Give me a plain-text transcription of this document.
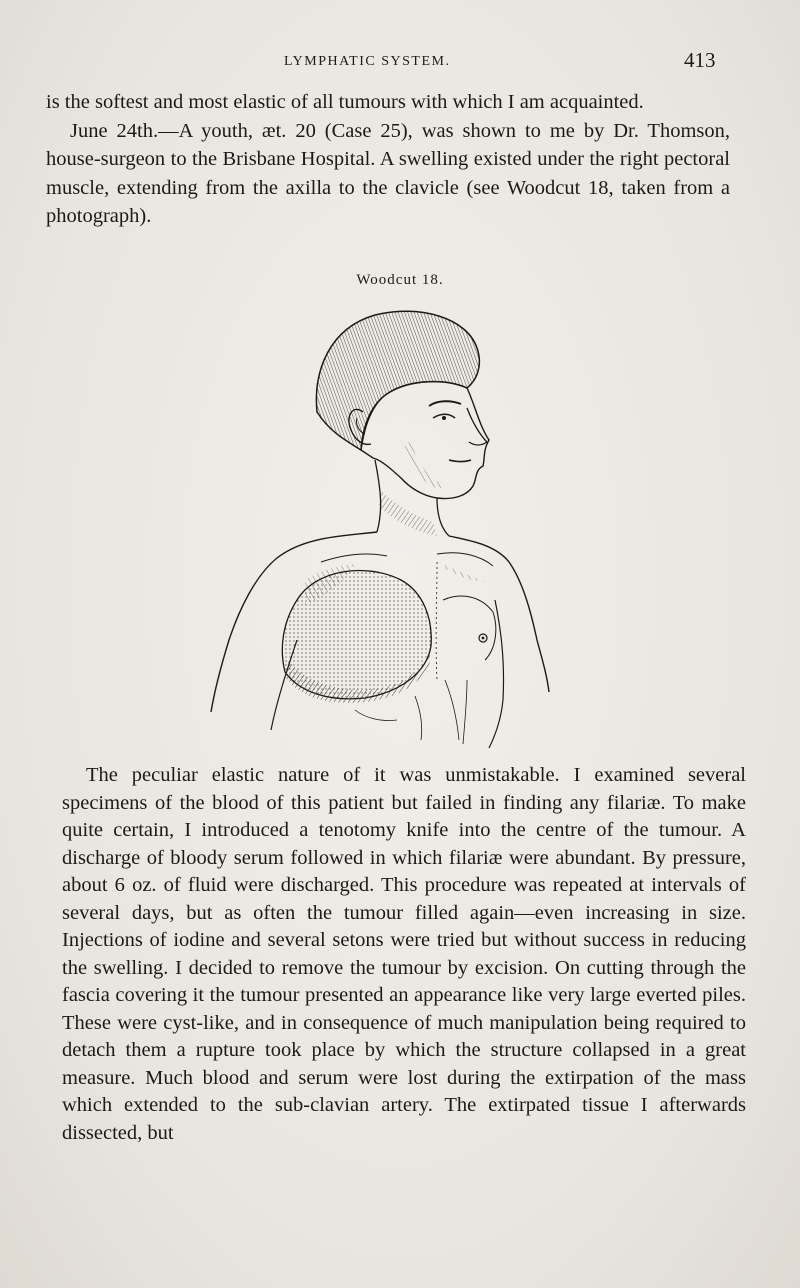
LYMPHATIC SYSTEM.	413

is the softest and most elastic of all tumours with which I am acquainted.

June 24th.—A youth, æt. 20 (Case 25), was shown to me by Dr. Thomson, house-surgeon to the Brisbane Hospital. A swelling existed under the right pectoral muscle, extending from the axilla to the clavicle (see Woodcut 18, taken from a photograph).

Woodcut 18.

The peculiar elastic nature of it was unmistakable. I examined several specimens of the blood of this patient but failed in finding any filariæ. To make quite certain, I introduced a tenotomy knife into the centre of the tumour. A discharge of bloody serum followed in which filariæ were abundant. By pressure, about 6 oz. of fluid were discharged. This procedure was repeated at intervals of several days, but as often the tumour filled again—even increasing in size. Injections of iodine and several setons were tried but without success in reducing the swelling. I decided to remove the tumour by excision. On cutting through the fascia covering it the tumour presented an appearance like very large everted piles. These were cyst-like, and in consequence of much manipulation being required to detach them a rupture took place by which the structure collapsed in a great measure. Much blood and serum were lost during the extirpation of the mass which extended to the sub-clavian artery. The extirpated tissue I afterwards dissected, but
